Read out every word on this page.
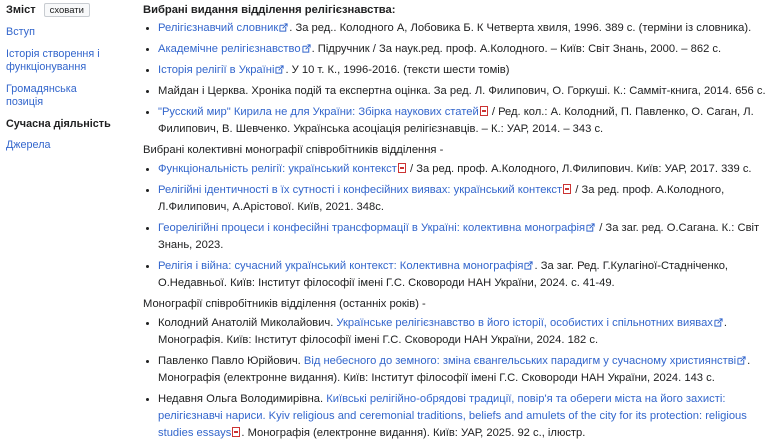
Зміст	сховати
Вступ
Історія створення і функціонування
Громадянська позиція
Сучасна діяльність
Джерела

Вибрані видання відділення релігієзнавства:

• Релігієзнавчий словник . За ред.. Колодного А, Лобовика Б. К Четверта хвиля, 1996. 389 с. (терміни із словника).
• Академічне релігієзнавство . Підручник / За наук.ред. проф. А.Колодного. – Київ: Світ Знань, 2000. – 862 с.
• Історія релігії в Україні . У 10 т. К., 1996-2016. (тексти шести томів)
• Майдан і Церква. Хроніка подій та експертна оцінка. За ред. Л. Филипович, О. Горкуші. К.: Самміт-книга, 2014. 656 с.
• "Русский мир" Кирила не для України: Збірка наукових статей / Ред. кол.: А. Колодний, П. Павленко, О. Саган, Л. Филипович, В. Шевченко. Українська асоціація релігієзнавців. – К.: УАР, 2014. – 343 с.

Вибрані колективні монографії співробітників відділення -

• Функціональність релігії: український контекст / За ред. проф. А.Колодного, Л.Филипович. Київ: УАР, 2017. 339 с.
• Релігійні ідентичності в їх сутності і конфесійних виявах: український контекст / За ред. проф. А.Колодного, Л.Филипович, А.Арістової. Київ, 2021. 348с.
• Георелігійні процеси і конфесійні трансформації в Україні: колективна монографія / За заг. ред. О.Сагана. К.: Світ Знань, 2023.
• Релігія і війна: сучасний український контекст: Колективна монографія . За заг. Ред. Г.Кулагіної-Стадніченко, О.Недавньої. Київ: Інститут філософії імені Г.С. Сковороди НАН України, 2024. с. 41-49.

Монографії співробітників відділення (останніх років) -

• Колодний Анатолій Миколайович. Українське релігієзнавство в його історії, особистих і спільнотних виявах . Монографія. Київ: Інститут філософії імені Г.С. Сковороди НАН України, 2024. 182 с.
• Павленко Павло Юрійович. Від небесного до земного: зміна євангельських парадигм у сучасному християнстві . Монографія (електронне видання). Київ: Інститут філософії імені Г.С. Сковороди НАН України, 2024. 143 с.
• Недавня Ольга Володимирівна. Київські релігійно-обрядові традиції, повір'я та обереги міста на його захисті: релігієзнавчі нариси. Kyiv religious and ceremonial traditions, beliefs and amulets of the city for its protection: religious studies essays . Монографія (електронне видання). Київ: УАР, 2025. 92 с., ілюстр.
